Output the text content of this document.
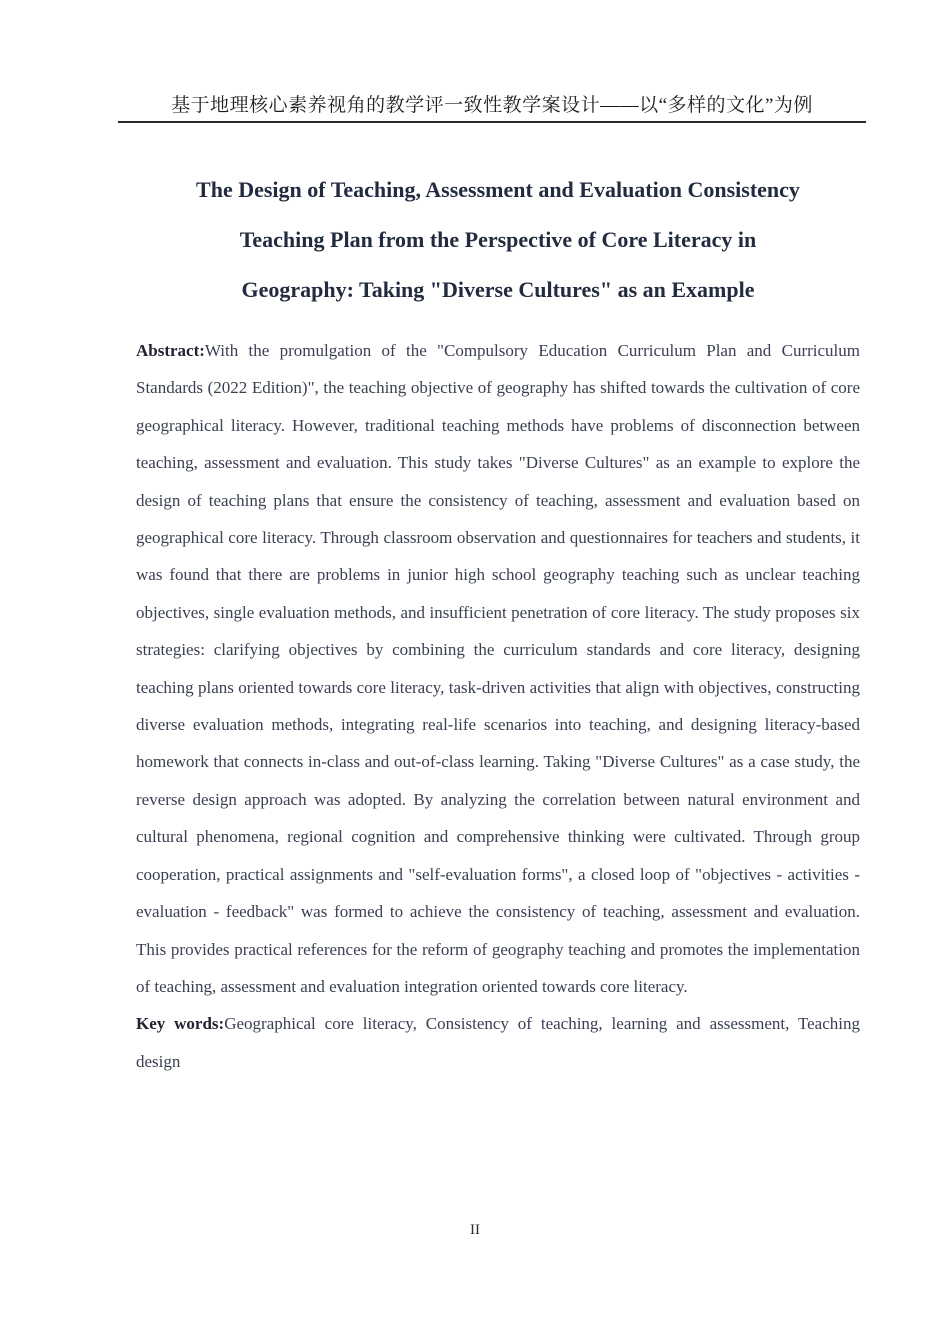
基于地理核心素养视角的教学评一致性教学案设计——以“多样的文化”为例
The Design of Teaching, Assessment and Evaluation Consistency
Teaching Plan from the Perspective of Core Literacy in
Geography: Taking "Diverse Cultures" as an Example

Abstract:With the promulgation of the "Compulsory Education Curriculum Plan and Curriculum Standards (2022 Edition)", the teaching objective of geography has shifted towards the cultivation of core geographical literacy. However, traditional teaching methods have problems of disconnection between teaching, assessment and evaluation. This study takes "Diverse Cultures" as an example to explore the design of teaching plans that ensure the consistency of teaching, assessment and evaluation based on geographical core literacy. Through classroom observation and questionnaires for teachers and students, it was found that there are problems in junior high school geography teaching such as unclear teaching objectives, single evaluation methods, and insufficient penetration of core literacy. The study proposes six strategies: clarifying objectives by combining the curriculum standards and core literacy, designing teaching plans oriented towards core literacy, task-driven activities that align with objectives, constructing diverse evaluation methods, integrating real-life scenarios into teaching, and designing literacy-based homework that connects in-class and out-of-class learning. Taking "Diverse Cultures" as a case study, the reverse design approach was adopted. By analyzing the correlation between natural environment and cultural phenomena, regional cognition and comprehensive thinking were cultivated. Through group cooperation, practical assignments and "self-evaluation forms", a closed loop of "objectives - activities - evaluation - feedback" was formed to achieve the consistency of teaching, assessment and evaluation. This provides practical references for the reform of geography teaching and promotes the implementation of teaching, assessment and evaluation integration oriented towards core literacy.

Key words:Geographical core literacy, Consistency of teaching, learning and assessment, Teaching design

II
